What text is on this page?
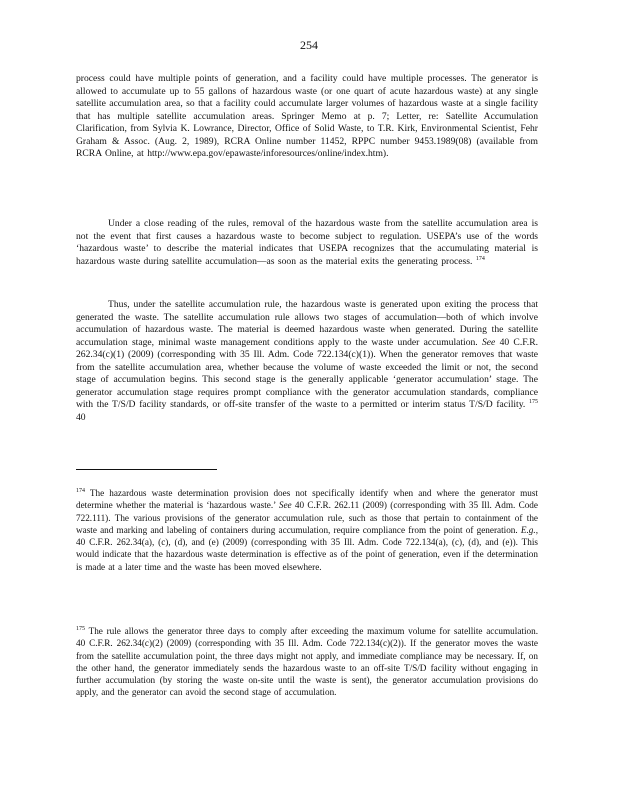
254

process could have multiple points of generation, and a facility could have multiple processes. The generator is allowed to accumulate up to 55 gallons of hazardous waste (or one quart of acute hazardous waste) at any single satellite accumulation area, so that a facility could accumulate larger volumes of hazardous waste at a single facility that has multiple satellite accumulation areas. Springer Memo at p. 7; Letter, re: Satellite Accumulation Clarification, from Sylvia K. Lowrance, Director, Office of Solid Waste, to T.R. Kirk, Environmental Scientist, Fehr Graham & Assoc. (Aug. 2, 1989), RCRA Online number 11452, RPPC number 9453.1989(08) (available from RCRA Online, at http://www.epa.gov/epawaste/inforesources/online/index.htm).

Under a close reading of the rules, removal of the hazardous waste from the satellite accumulation area is not the event that first causes a hazardous waste to become subject to regulation. USEPA’s use of the words ‘hazardous waste’ to describe the material indicates that USEPA recognizes that the accumulating material is hazardous waste during satellite accumulation—as soon as the material exits the generating process. $^{174}$

Thus, under the satellite accumulation rule, the hazardous waste is generated upon exiting the process that generated the waste. The satellite accumulation rule allows two stages of accumulation—both of which involve accumulation of hazardous waste. The material is deemed hazardous waste when generated. During the satellite accumulation stage, minimal waste management conditions apply to the waste under accumulation. See 40 C.F.R. 262.34(c)(1) (2009) (corresponding with 35 Ill. Adm. Code 722.134(c)(1)). When the generator removes that waste from the satellite accumulation area, whether because the volume of waste exceeded the limit or not, the second stage of accumulation begins. This second stage is the generally applicable ‘generator accumulation’ stage. The generator accumulation stage requires prompt compliance with the generator accumulation standards, compliance with the T/S/D facility standards, or off-site transfer of the waste to a permitted or interim status T/S/D facility. $^{175}$ 40

$^{174}$ The hazardous waste determination provision does not specifically identify when and where the generator must determine whether the material is ‘hazardous waste.’ See 40 C.F.R. 262.11 (2009) (corresponding with 35 Ill. Adm. Code 722.111). The various provisions of the generator accumulation rule, such as those that pertain to containment of the waste and marking and labeling of containers during accumulation, require compliance from the point of generation. E.g., 40 C.F.R. 262.34(a), (c), (d), and (e) (2009) (corresponding with 35 Ill. Adm. Code 722.134(a), (c), (d), and (e)). This would indicate that the hazardous waste determination is effective as of the point of generation, even if the determination is made at a later time and the waste has been moved elsewhere.

$^{175}$ The rule allows the generator three days to comply after exceeding the maximum volume for satellite accumulation. 40 C.F.R. 262.34(c)(2) (2009) (corresponding with 35 Ill. Adm. Code 722.134(c)(2)). If the generator moves the waste from the satellite accumulation point, the three days might not apply, and immediate compliance may be necessary. If, on the other hand, the generator immediately sends the hazardous waste to an off-site T/S/D facility without engaging in further accumulation (by storing the waste on-site until the waste is sent), the generator accumulation provisions do apply, and the generator can avoid the second stage of accumulation.
